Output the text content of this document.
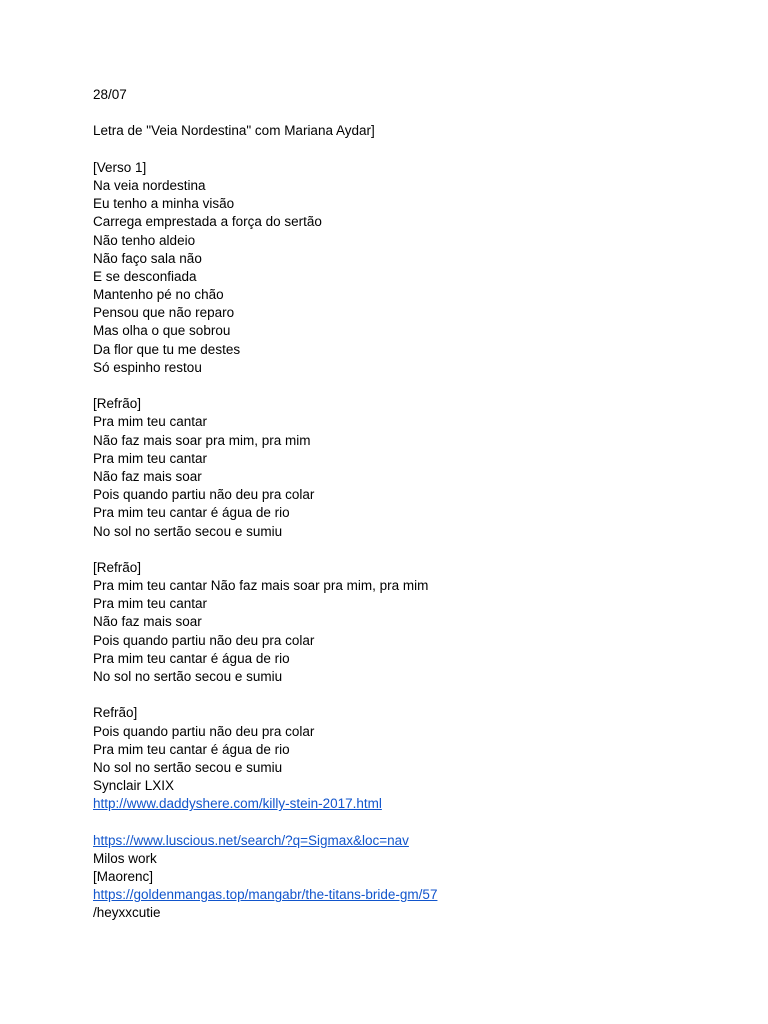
28/07
Letra de "Veia Nordestina" com Mariana Aydar]
[Verso 1]
Na veia nordestina
Eu tenho a minha visão
Carrega emprestada a força do sertão
Não tenho aldeio
Não faço sala não
E se desconfiada
Mantenho pé no chão
Pensou que não reparo
Mas olha o que sobrou
Da flor que tu me destes
Só espinho restou
[Refrão]
Pra mim teu cantar
Não faz mais soar pra mim, pra mim
Pra mim teu cantar
Não faz mais soar
Pois quando partiu não deu pra colar
Pra mim teu cantar é água de rio
No sol no sertão secou e sumiu
[Refrão]
Pra mim teu cantar Não faz mais soar pra mim, pra mim
Pra mim teu cantar
Não faz mais soar
Pois quando partiu não deu pra colar
Pra mim teu cantar é água de rio
No sol no sertão secou e sumiu
Refrão]
Pois quando partiu não deu pra colar
Pra mim teu cantar é água de rio
No sol no sertão secou e sumiu
Synclair LXIX
http://www.daddyshere.com/killy-stein-2017.html
https://www.luscious.net/search/?q=Sigmax&loc=nav
Milos work
[Maorenc]
https://goldenmangas.top/mangabr/the-titans-bride-gm/57
/heyxxcutie
